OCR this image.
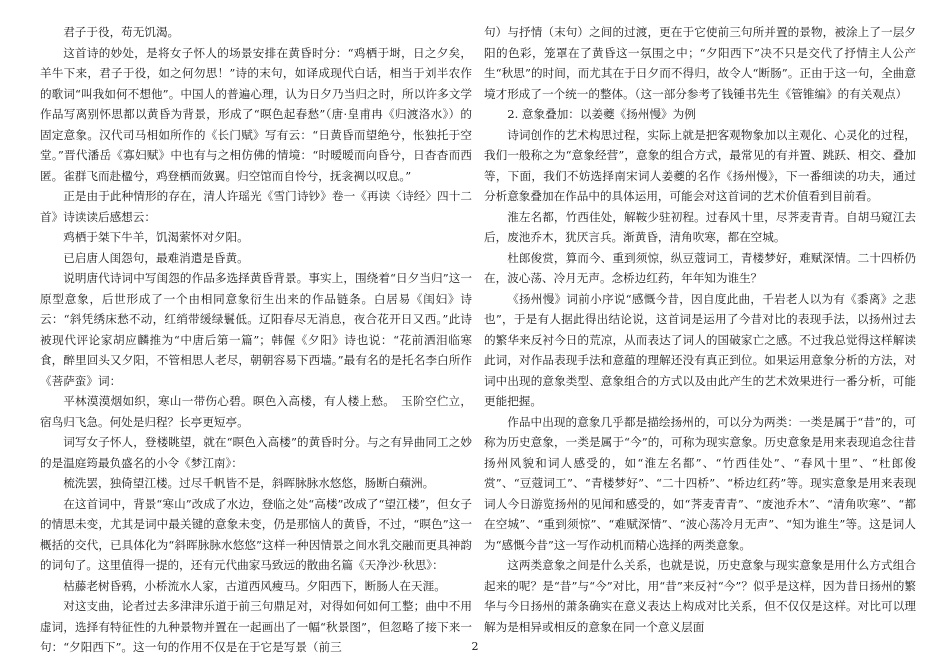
君子于役，苟无饥渴。

这首诗的妙处，是将女子怀人的场景安排在黄昏时分：“鸡栖于埘，日之夕矣，羊牛下来，君子于役，如之何勿思！”诗的末句，如译成现代白话，相当于刘半农作的歌词“叫我如何不想他”。中国人的普遍心理，认为日夕乃当归之时，所以许多文学作品写离别怀思都以黄昏为背景，形成了“暝色起春愁”（唐·皇甫冉《归渡洛水》）的固定意象。汉代司马相如所作的《长门赋》写有云：“日黄昏而望绝兮，怅独托于空堂。”晋代潘岳《寡妇赋》中也有与之相仿佛的情境：“时暧暧而向昏兮，日杳杳而西匿。雀群飞而赴楹兮，鸡登栖而敛翼。归空馆而自怜兮，抚衾裯以叹息。”

正是由于此种情形的存在，清人许瑶光《雪门诗钞》卷一《再读〈诗经〉四十二首》诗读读后感想云：

鸡栖于桀下牛羊，饥渴萦怀对夕阳。

已启唐人闺怨句，最难消遣是昏黄。

说明唐代诗词中写闺怨的作品多选择黄昏背景。事实上，围绕着“日夕当归”这一原型意象，后世形成了一个由相同意象衍生出来的作品链条。白居易《闺妇》诗云：“斜凭绣床愁不动，红绡带缓绿鬟低。辽阳春尽无消息，夜合花开日又西。”此诗被现代评论家胡应麟推为“中唐后第一篇”；韩偓《夕阳》诗也说：“花前洒泪临寒食，醉里回头又夕阳，不管相思人老尽，朝朝容易下西墙。”最有名的是托名李白所作《菩萨蛮》词：

平林漠漠烟如织，寒山一带伤心碧。暝色入高楼，有人楼上愁。　玉阶空伫立，宿鸟归飞急。何处是归程？长亭更短亭。

词写女子怀人，登楼眺望，就在“暝色入高楼”的黄昏时分。与之有异曲同工之妙的是温庭筠最负盛名的小令《梦江南》：

梳洗罢，独倚望江楼。过尽千帆皆不是，斜晖脉脉水悠悠，肠断白蘋洲。

在这首词中，背景“寒山”改成了水边，登临之处“高楼”改成了“望江楼”，但女子的情思未变，尤其是词中最关键的意象未变，仍是那恼人的黄昏，不过，“暝色”这一概括的交代，已具体化为“斜晖脉脉水悠悠”这样一种因情景之间水乳交融而更具神韵的词句了。这里值得一提的，还有元代曲家马致远的散曲名篇《天净沙·秋思》：

枯藤老树昏鸦，小桥流水人家，古道西风瘦马。夕阳西下，断肠人在天涯。

对这支曲，论者过去多津津乐道于前三句鼎足对，对得如何如何工整；曲中不用虚词，选择有特征性的九种景物并置在一起画出了一幅“秋景图”，但忽略了接下来一句：“夕阳西下”。这一句的作用不仅是在于它是写景（前三

句）与抒情（末句）之间的过渡，更在于它使前三句所并置的景物，被涂上了一层夕阳的色彩，笼罩在了黄昏这一氛围之中；“夕阳西下”决不只是交代了抒情主人公产生“秋思”的时间，而尤其在于日夕而不得归，故令人“断肠”。正由于这一句，全曲意境才形成了一个统一的整体。（这一部分参考了钱锺书先生《管锥编》的有关观点）

2. 意象叠加：以姜夔《扬州慢》为例

诗词创作的艺术构思过程，实际上就是把客观物象加以主观化、心灵化的过程，我们一般称之为“意象经营”，意象的组合方式，最常见的有并置、跳跃、相交、叠加等，下面，我们不妨选择南宋词人姜夔的名作《扬州慢》，下一番细读的功夫，通过分析意象叠加在作品中的具体运用，可能会对这首词的艺术价值看到目前看。

淮左名都，竹西佳处，解鞍少驻初程。过春风十里，尽荠麦青青。自胡马窥江去后，废池乔木，犹厌言兵。渐黄昏，清角吹寒，都在空城。

杜郎俊赏，算而今、重到须惊，纵豆蔻词工，青楼梦好，难赋深情。二十四桥仍在，波心荡、冷月无声。念桥边红药，年年知为谁生？

《扬州慢》词前小序说“感慨今昔，因自度此曲，千岩老人以为有《黍离》之悲也”，于是有人据此得出结论说，这首词是运用了今昔对比的表现手法，以扬州过去的繁华来反衬今日的荒凉，从而表达了词人的国破家亡之感。不过我总觉得这样解读此词，对作品表现手法和意蕴的理解还没有真正到位。如果运用意象分析的方法，对词中出现的意象类型、意象组合的方式以及由此产生的艺术效果进行一番分析，可能更能把握。

作品中出现的意象几乎都是描绘扬州的，可以分为两类：一类是属于“昔”的，可称为历史意象，一类是属于“今”的，可称为现实意象。历史意象是用来表现追念往昔扬州风貌和词人感受的，如“淮左名都”、“竹西佳处”、“春风十里”、“杜郎俊赏”、“豆蔻词工”、“青楼梦好”、“二十四桥”、“桥边红药”等。现实意象是用来表现词人今日游览扬州的见闻和感受的，如“荠麦青青”、“废池乔木”、“清角吹寒”、“都在空城”、“重到须惊”、“难赋深情”、“波心荡冷月无声”、“知为谁生”等。这是词人为“感慨今昔”这一写作动机而精心选择的两类意象。

这两类意象之间是什么关系，也就是说，历史意象与现实意象是用什么方式组合起来的呢？是“昔”与“今”对比，用“昔”来反衬“今”？似乎是这样，因为昔日扬州的繁华与今日扬州的萧条确实在意义表达上构成对比关系，但不仅仅是这样。对比可以理解为是相异或相反的意象在同一个意义层面

2
